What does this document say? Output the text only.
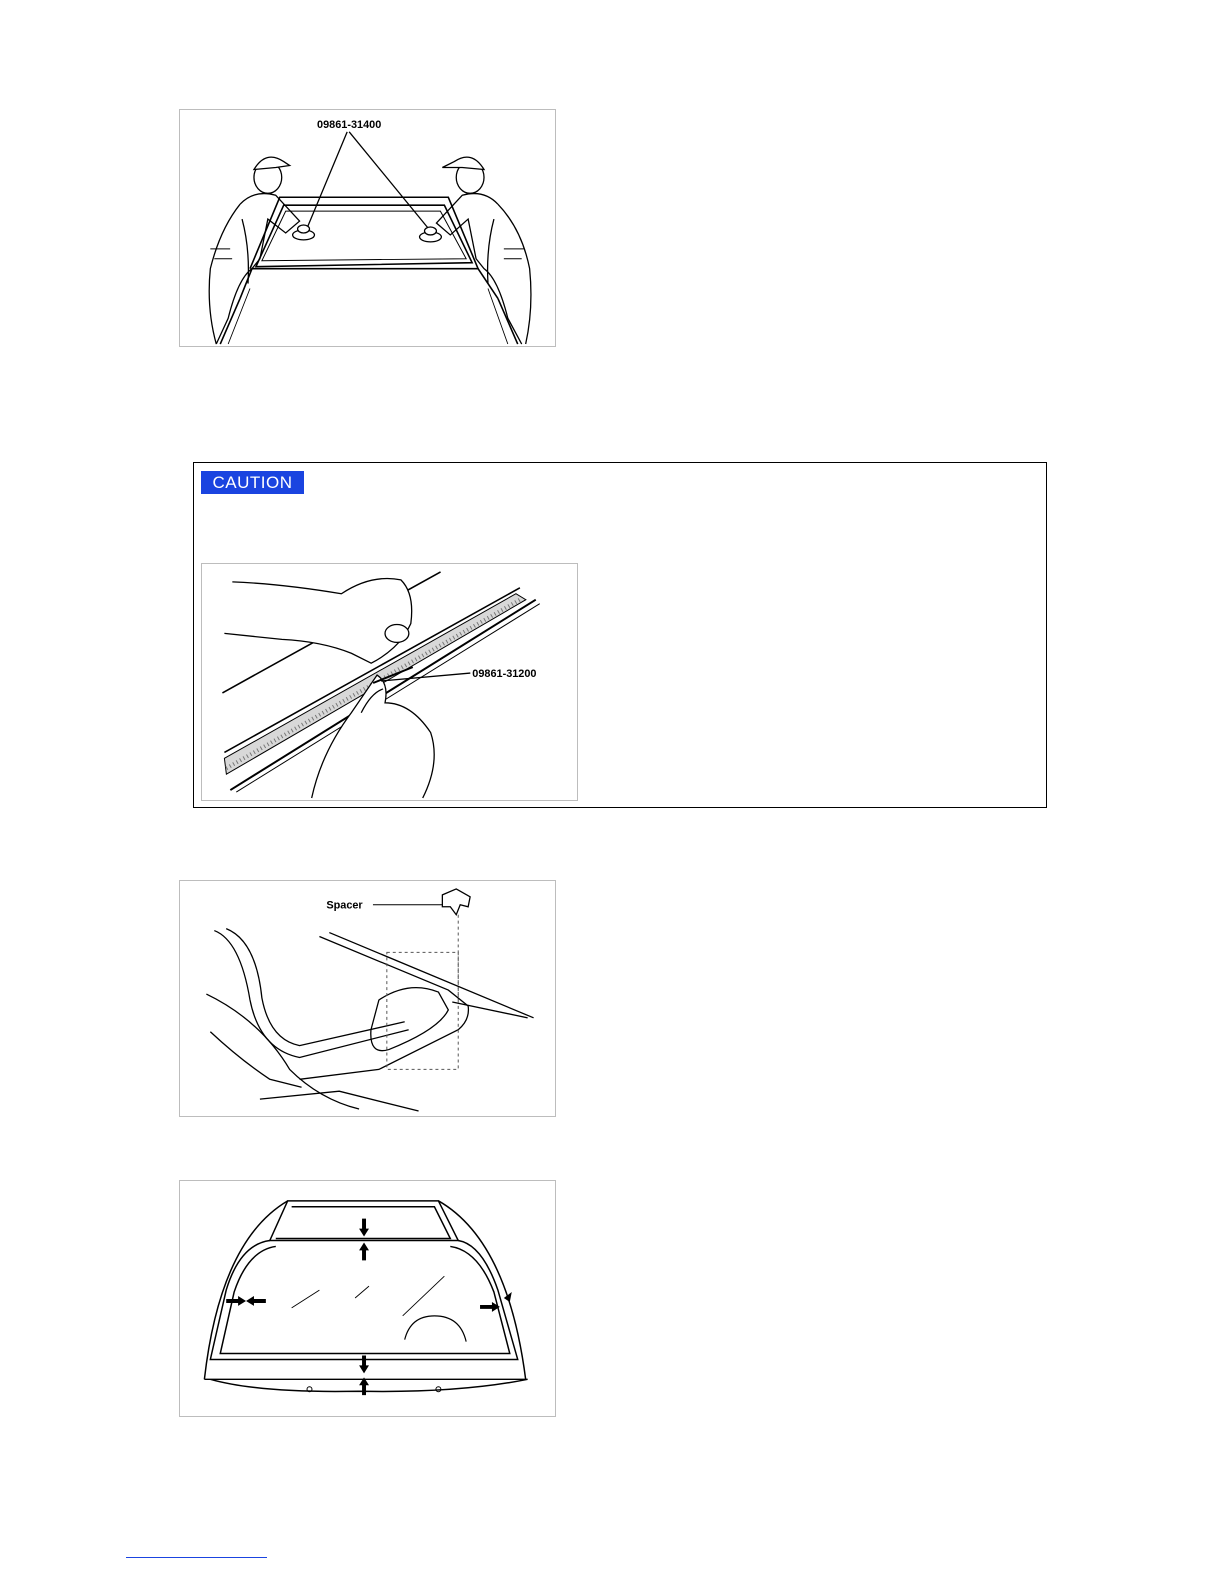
09861-31400
CAUTION
09861-31200
Spacer
